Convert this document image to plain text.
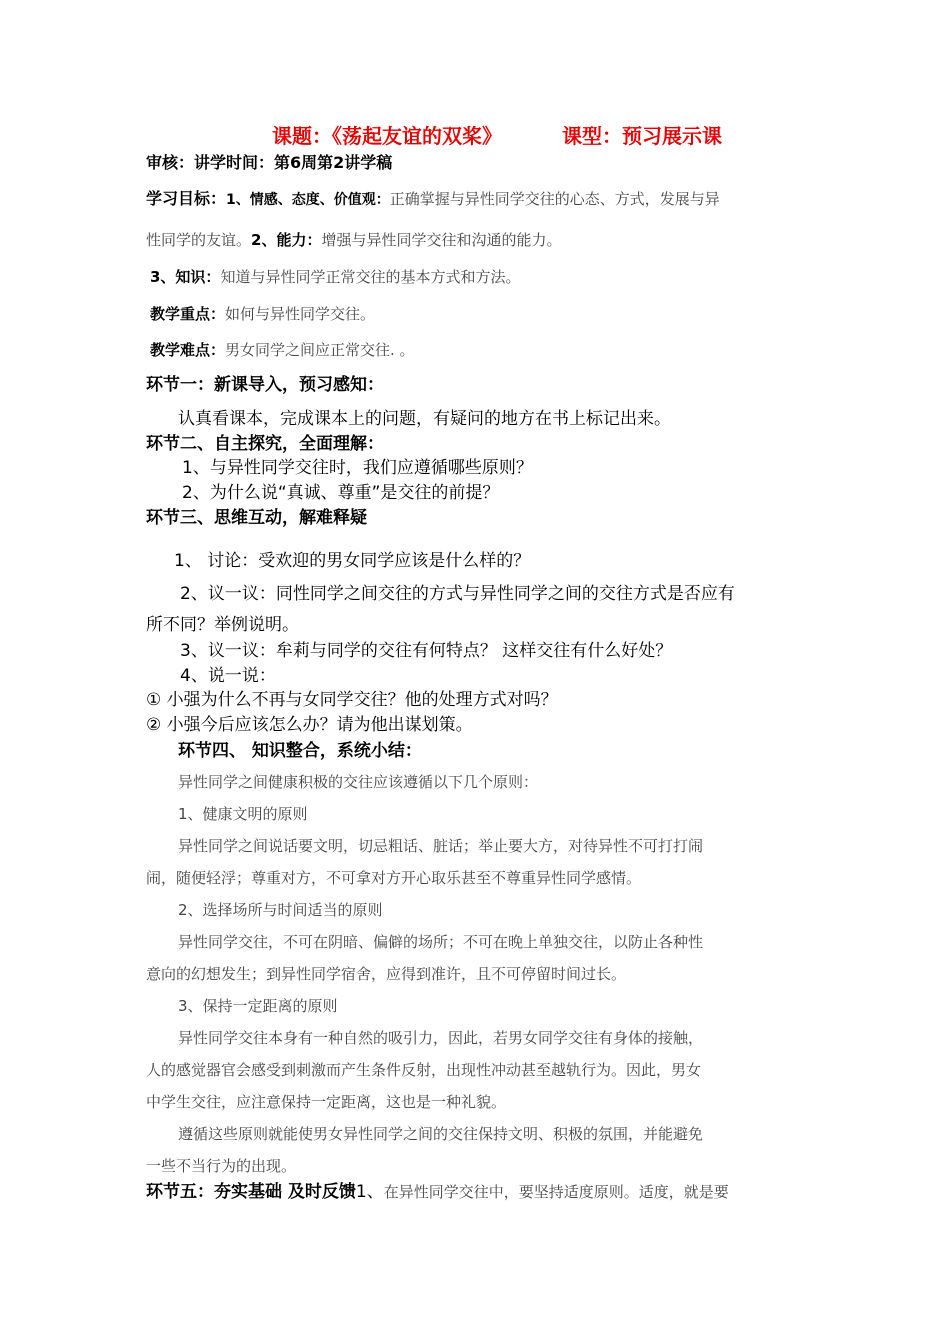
课题：《荡起友谊的双桨》	课型：预习展示课
审核：讲学时间：第6周第2讲学稿
学习目标：1、情感、态度、价值观：正确掌握与异性同学交往的心态、方式，发展与异
性同学的友谊。2、能力：增强与异性同学交往和沟通的能力。
3、知识：知道与异性同学正常交往的基本方式和方法。
教学重点：如何与异性同学交往。
教学难点：男女同学之间应正常交往. 。
环节一：新课导入，预习感知：
认真看课本，完成课本上的问题，有疑问的地方在书上标记出来。
环节二、自主探究，全面理解：
1、与异性同学交往时，我们应遵循哪些原则？
2、为什么说“真诚、尊重”是交往的前提？
环节三、思维互动，解难释疑
1、 讨论：受欢迎的男女同学应该是什么样的？
2、议一议：同性同学之间交往的方式与异性同学之间的交往方式是否应有
所不同？举例说明。
3、议一议：牟莉与同学的交往有何特点？ 这样交往有什么好处？
4、说一说：
① 小强为什么不再与女同学交往？他的处理方式对吗？
② 小强今后应该怎么办？请为他出谋划策。
环节四、 知识整合，系统小结：
异性同学之间健康积极的交往应该遵循以下几个原则：
1、健康文明的原则
异性同学之间说话要文明，切忌粗话、脏话；举止要大方，对待异性不可打打闹
闹，随便轻浮；尊重对方，不可拿对方开心取乐甚至不尊重异性同学感情。
2、选择场所与时间适当的原则
异性同学交往，不可在阴暗、偏僻的场所；不可在晚上单独交往，以防止各种性
意向的幻想发生；到异性同学宿舍，应得到准许，且不可停留时间过长。
3、保持一定距离的原则
异性同学交往本身有一种自然的吸引力，因此，若男女同学交往有身体的接触，
人的感觉器官会感受到刺激而产生条件反射，出现性冲动甚至越轨行为。因此，男女
中学生交往，应注意保持一定距离，这也是一种礼貌。
遵循这些原则就能使男女异性同学之间的交往保持文明、积极的氛围，并能避免
一些不当行为的出现。
环节五：夯实基础 及时反馈1、在异性同学交往中，要坚持适度原则。适度，就是要
